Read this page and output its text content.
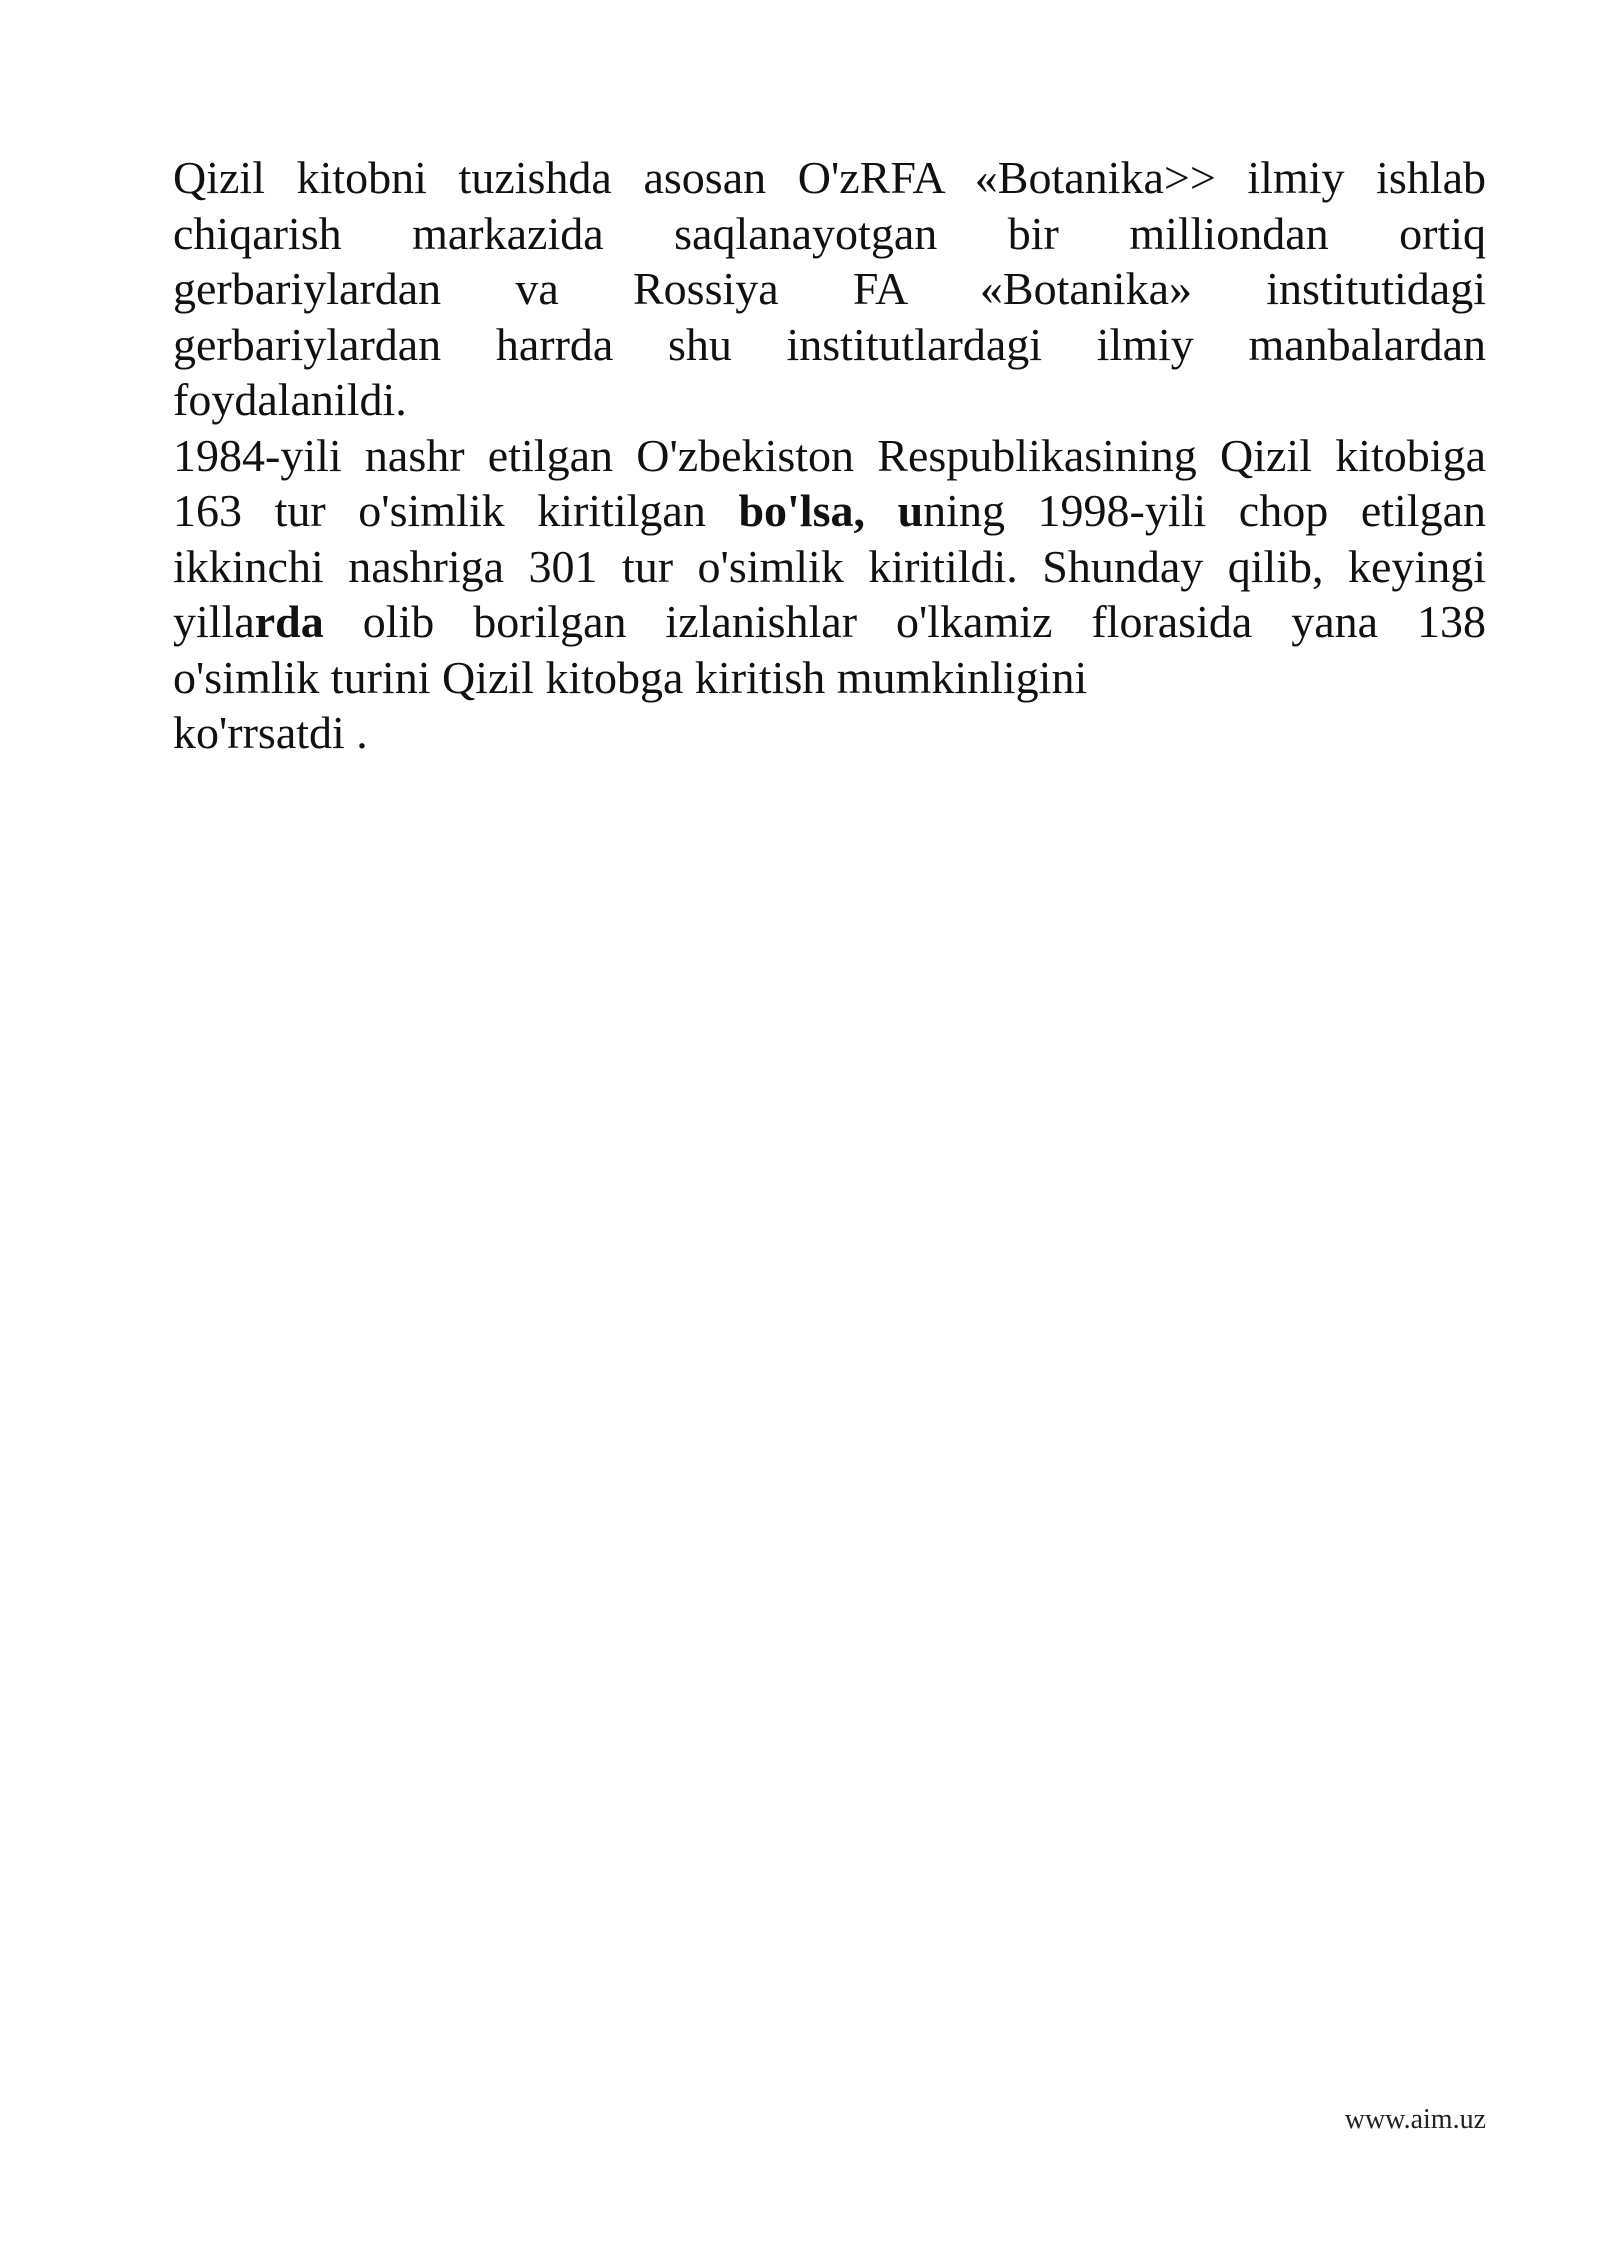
Qizil kitobni tuzishda asosan O'zRFA «Botanika>> ilmiy ishlab
chiqarish markazida saqlanayotgan bir milliondan ortiq
gerbariylardan va Rossiya FA «Botanika» institutidagi
gerbariylardan harrda shu institutlardagi ilmiy manbalardan
foydalanildi.
1984-yili nashr etilgan O'zbekiston Respublikasining Qizil kitobiga
163 tur o'simlik kiritilgan bo'lsa, uning 1998-yili chop etilgan
ikkinchi nashriga 301 tur o'simlik kiritildi. Shunday qilib, keyingi
yillarda olib borilgan izlanishlar o'lkamiz florasida yana 138
o'simlik turini Qizil kitobga kiritish mumkinligini
ko'rrsatdi .
www.aim.uz
